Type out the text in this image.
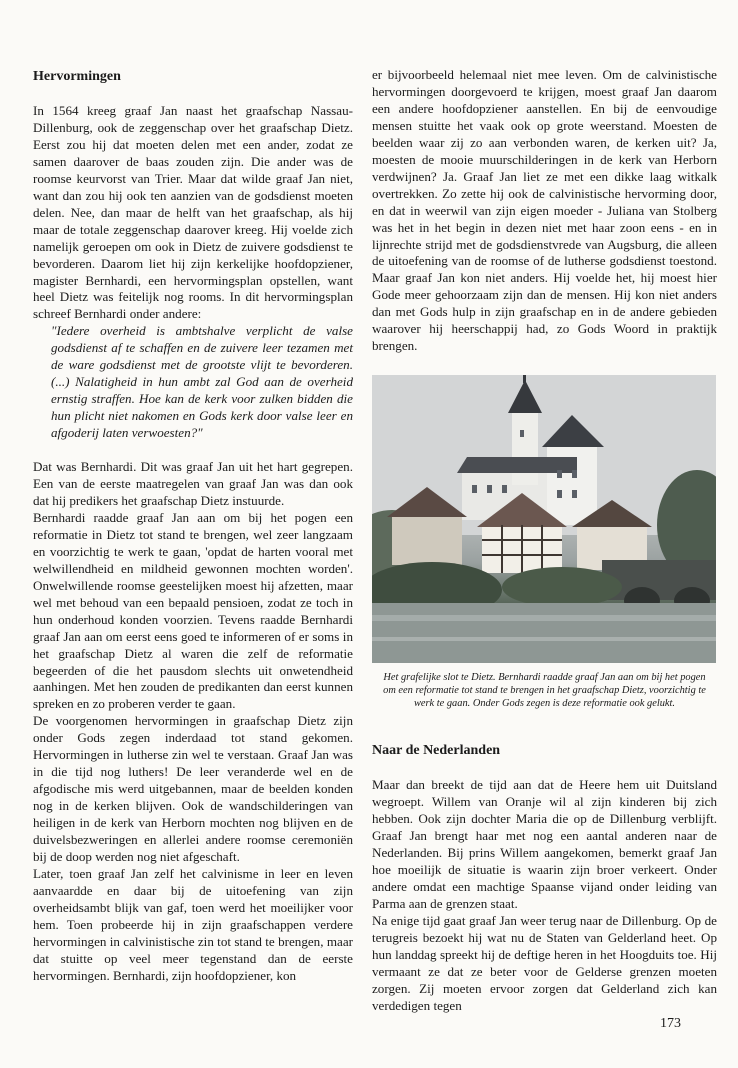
Hervormingen

In 1564 kreeg graaf Jan naast het graafschap Nassau-Dillenburg, ook de zeggenschap over het graafschap Dietz. Eerst zou hij dat moeten delen met een ander, zodat ze samen daarover de baas zouden zijn. Die ander was de roomse keurvorst van Trier. Maar dat wilde graaf Jan niet, want dan zou hij ook ten aanzien van de godsdienst moeten delen. Nee, dan maar de helft van het graafschap, als hij maar de totale zeggenschap daarover kreeg. Hij voelde zich namelijk geroepen om ook in Dietz de zuivere godsdienst te bevorderen. Daarom liet hij zijn kerkelijke hoofdopziener, magister Bernhardi, een hervormingsplan opstellen, want heel Dietz was feitelijk nog rooms. In dit hervormingsplan schreef Bernhardi onder andere:

"Iedere overheid is ambtshalve verplicht de valse godsdienst af te schaffen en de zuivere leer tezamen met de ware godsdienst met de grootste vlijt te bevorderen. (...) Nalatigheid in hun ambt zal God aan de overheid ernstig straffen. Hoe kan de kerk voor zulken bidden die hun plicht niet nakomen en Gods kerk door valse leer en afgoderij laten verwoesten?"

Dat was Bernhardi. Dit was graaf Jan uit het hart gegrepen. Een van de eerste maatregelen van graaf Jan was dan ook dat hij predikers het graafschap Dietz instuurde.

Bernhardi raadde graaf Jan aan om bij het pogen een reformatie in Dietz tot stand te brengen, wel zeer langzaam en voorzichtig te werk te gaan, 'opdat de harten vooral met welwillendheid en mildheid gewonnen mochten worden'. Onwelwillende roomse geestelijken moest hij afzetten, maar wel met behoud van een bepaald pensioen, zodat ze toch in hun onderhoud konden voorzien. Tevens raadde Bernhardi graaf Jan aan om eerst eens goed te informeren of er soms in het graafschap Dietz al waren die zelf de reformatie begeerden of die het pausdom slechts uit onwetendheid aanhingen. Met hen zouden de predikanten dan eerst kunnen spreken en zo proberen verder te gaan.

De voorgenomen hervormingen in graafschap Dietz zijn onder Gods zegen inderdaad tot stand gekomen. Hervormingen in lutherse zin wel te verstaan. Graaf Jan was in die tijd nog luthers! De leer veranderde wel en de afgodische mis werd uitgebannen, maar de beelden konden nog in de kerken blijven. Ook de wandschilderingen van heiligen in de kerk van Herborn mochten nog blijven en de duivelsbezweringen en allerlei andere roomse ceremoniën bij de doop werden nog niet afgeschaft.

Later, toen graaf Jan zelf het calvinisme in leer en leven aanvaardde en daar bij de uitoefening van zijn overheidsambt blijk van gaf, toen werd het moeilijker voor hem. Toen probeerde hij in zijn graafschappen verdere hervormingen in calvinistische zin tot stand te brengen, maar dat stuitte op veel meer tegenstand dan de eerste hervormingen. Bernhardi, zijn hoofdopziener, kon

er bijvoorbeeld helemaal niet mee leven. Om de calvinistische hervormingen doorgevoerd te krijgen, moest graaf Jan daarom een andere hoofdopziener aanstellen. En bij de eenvoudige mensen stuitte het vaak ook op grote weerstand. Moesten de beelden waar zij zo aan verbonden waren, de kerken uit? Ja, moesten de mooie muurschilderingen in de kerk van Herborn verdwijnen? Ja. Graaf Jan liet ze met een dikke laag witkalk overtrekken. Zo zette hij ook de calvinistische hervorming door, en dat in weerwil van zijn eigen moeder - Juliana van Stolberg was het in het begin in dezen niet met haar zoon eens - en in lijnrechte strijd met de godsdienstvrede van Augsburg, die alleen de uitoefening van de roomse of de lutherse godsdienst toestond. Maar graaf Jan kon niet anders. Hij voelde het, hij moest hier Gode meer gehoorzaam zijn dan de mensen. Hij kon niet anders dan met Gods hulp in zijn graafschap en in de andere gebieden waarover hij heerschappij had, zo Gods Woord in praktijk brengen.

Het grafelijke slot te Dietz. Bernhardi raadde graaf Jan aan om bij het pogen om een reformatie tot stand te brengen in het graafschap Dietz, voorzichtig te werk te gaan. Onder Gods zegen is deze reformatie ook gelukt.

Naar de Nederlanden

Maar dan breekt de tijd aan dat de Heere hem uit Duitsland wegroept. Willem van Oranje wil al zijn kinderen bij zich hebben. Ook zijn dochter Maria die op de Dillenburg verblijft. Graaf Jan brengt haar met nog een aantal anderen naar de Nederlanden. Bij prins Willem aangekomen, bemerkt graaf Jan hoe moeilijk de situatie is waarin zijn broer verkeert. Onder andere omdat een machtige Spaanse vijand onder leiding van Parma aan de grenzen staat.

Na enige tijd gaat graaf Jan weer terug naar de Dillenburg. Op de terugreis bezoekt hij wat nu de Staten van Gelderland heet. Op hun landdag spreekt hij de deftige heren in het Hoogduits toe. Hij vermaant ze dat ze beter voor de Gelderse grenzen moeten zorgen. Zij moeten ervoor zorgen dat Gelderland zich kan verdedigen tegen

173
